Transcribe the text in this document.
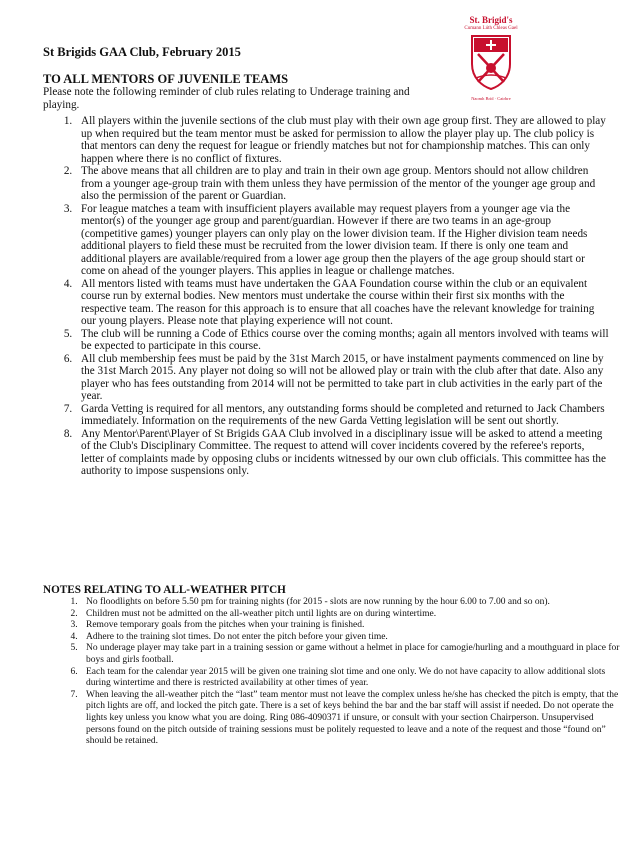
St Brigids GAA Club, February 2015
St. Brigid's
Cumann Lúth Chleas Gael
Naomh Bríd · Cairbre
TO ALL MENTORS OF JUVENILE TEAMS
Please note the following reminder of club rules relating to Underage training and playing.
1. All players within the juvenile sections of the club must play with their own age group first. They are allowed to play up when required but the team mentor must be asked for permission to allow the player play up. The club policy is that mentors can deny the request for league or friendly matches but not for championship matches. This can only happen where there is no conflict of fixtures.
2. The above means that all children are to play and train in their own age group. Mentors should not allow children from a younger age-group train with them unless they have permission of the mentor of the younger age group and also the permission of the parent or Guardian.
3. For league matches a team with insufficient players available may request players from a younger age via the mentor(s) of the younger age group and parent/guardian. However if there are two teams in an age-group (competitive games) younger players can only play on the lower division team. If the Higher division team needs additional players to field these must be recruited from the lower division team. If there is only one team and additional players are available/required from a lower age group then the players of the age group should start or come on ahead of the younger players. This applies in league or challenge matches.
4. All mentors listed with teams must have undertaken the GAA Foundation course within the club or an equivalent course run by external bodies. New mentors must undertake the course within their first six months with the respective team. The reason for this approach is to ensure that all coaches have the relevant knowledge for training our young players. Please note that playing experience will not count.
5. The club will be running a Code of Ethics course over the coming months; again all mentors involved with teams will be expected to participate in this course.
6. All club membership fees must be paid by the 31st March 2015, or have instalment payments commenced on line by the 31st March 2015. Any player not doing so will not be allowed play or train with the club after that date. Also any player who has fees outstanding from 2014 will not be permitted to take part in club activities in the early part of the year.
7. Garda Vetting is required for all mentors, any outstanding forms should be completed and returned to Jack Chambers immediately. Information on the requirements of the new Garda Vetting legislation will be sent out shortly.
8. Any Mentor\Parent\Player of St Brigids GAA Club involved in a disciplinary issue will be asked to attend a meeting of the Club's Disciplinary Committee. The request to attend will cover incidents covered by the referee's reports, letter of complaints made by opposing clubs or incidents witnessed by our own club officials. This committee has the authority to impose suspensions only.
NOTES RELATING TO ALL-WEATHER PITCH
1. No floodlights on before 5.50 pm for training nights (for 2015 - slots are now running by the hour 6.00 to 7.00 and so on).
2. Children must not be admitted on the all-weather pitch until lights are on during wintertime.
3. Remove temporary goals from the pitches when your training is finished.
4. Adhere to the training slot times. Do not enter the pitch before your given time.
5. No underage player may take part in a training session or game without a helmet in place for camogie/hurling and a mouthguard in place for boys and girls football.
6. Each team for the calendar year 2015 will be given one training slot time and one only. We do not have capacity to allow additional slots during wintertime and there is restricted availability at other times of year.
7. When leaving the all-weather pitch the “last” team mentor must not leave the complex unless he/she has checked the pitch is empty, that the pitch lights are off, and locked the pitch gate. There is a set of keys behind the bar and the bar staff will assist if needed. Do not operate the lights key unless you know what you are doing. Ring 086-4090371 if unsure, or consult with your section Chairperson. Unsupervised persons found on the pitch outside of training sessions must be politely requested to leave and a note of the request and those “found on” should be retained.
